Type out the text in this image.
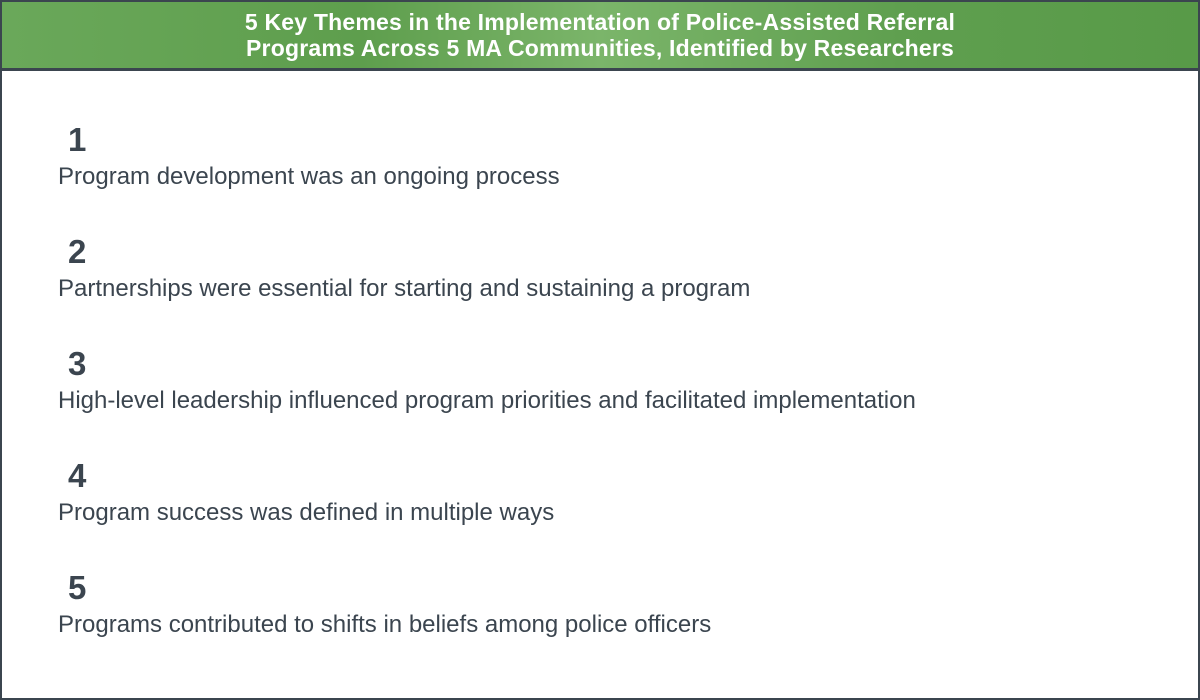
5 Key Themes in the Implementation of Police-Assisted Referral
Programs Across 5 MA Communities, Identified by Researchers
1
Program development was an ongoing process
2
Partnerships were essential for starting and sustaining a program
3
High-level leadership influenced program priorities and facilitated implementation
4
Program success was defined in multiple ways
5
Programs contributed to shifts in beliefs among police officers
